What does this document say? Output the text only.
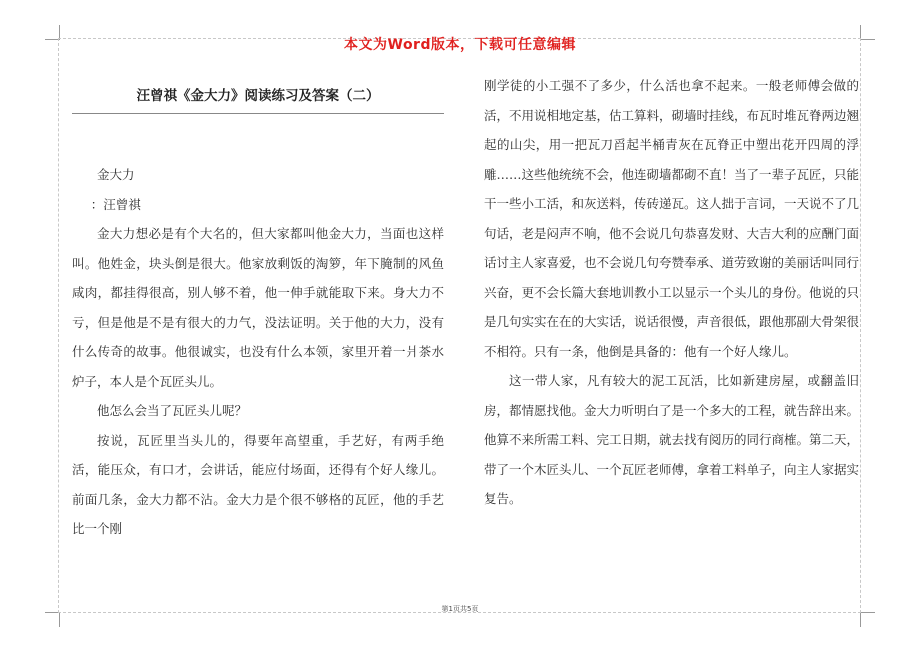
本文为Word版本，下载可任意编辑
汪曾祺《金大力》阅读练习及答案（二）

金大力

：汪曾祺

金大力想必是有个大名的，但大家都叫他金大力，当面也这样叫。他姓金，块头倒是很大。他家放剩饭的淘箩，年下腌制的风鱼咸肉，都挂得很高，别人够不着，他一伸手就能取下来。身大力不亏，但是他是不是有很大的力气，没法证明。关于他的大力，没有什么传奇的故事。他很诚实，也没有什么本领，家里开着一爿茶水炉子，本人是个瓦匠头儿。

他怎么会当了瓦匠头儿呢？

按说，瓦匠里当头儿的，得要年高望重，手艺好，有两手绝活，能压众，有口才，会讲话，能应付场面，还得有个好人缘儿。前面几条，金大力都不沾。金大力是个很不够格的瓦匠，他的手艺比一个刚

刚学徒的小工强不了多少，什么活也拿不起来。一般老师傅会做的活，不用说相地定基，估工算料，砌墙时挂线，布瓦时堆瓦脊两边翘起的山尖，用一把瓦刀舀起半桶青灰在瓦脊正中塑出花开四周的浮雕……这些他统统不会，他连砌墙都砌不直！当了一辈子瓦匠，只能干一些小工活，和灰送料，传砖递瓦。这人拙于言词，一天说不了几句话，老是闷声不响，他不会说几句恭喜发财、大吉大利的应酬门面话讨主人家喜爱，也不会说几句夸赞奉承、道劳致谢的美丽话叫同行兴奋，更不会长篇大套地训教小工以显示一个头儿的身份。他说的只是几句实实在在的大实话，说话很慢，声音很低，跟他那副大骨架很不相符。只有一条，他倒是具备的：他有一个好人缘儿。

这一带人家，凡有较大的泥工瓦活，比如新建房屋，或翻盖旧房，都情愿找他。金大力听明白了是一个多大的工程，就告辞出来。他算不来所需工料、完工日期，就去找有阅历的同行商榷。第二天，带了一个木匠头儿、一个瓦匠老师傅，拿着工料单子，向主人家据实复告。

第1页共5页
